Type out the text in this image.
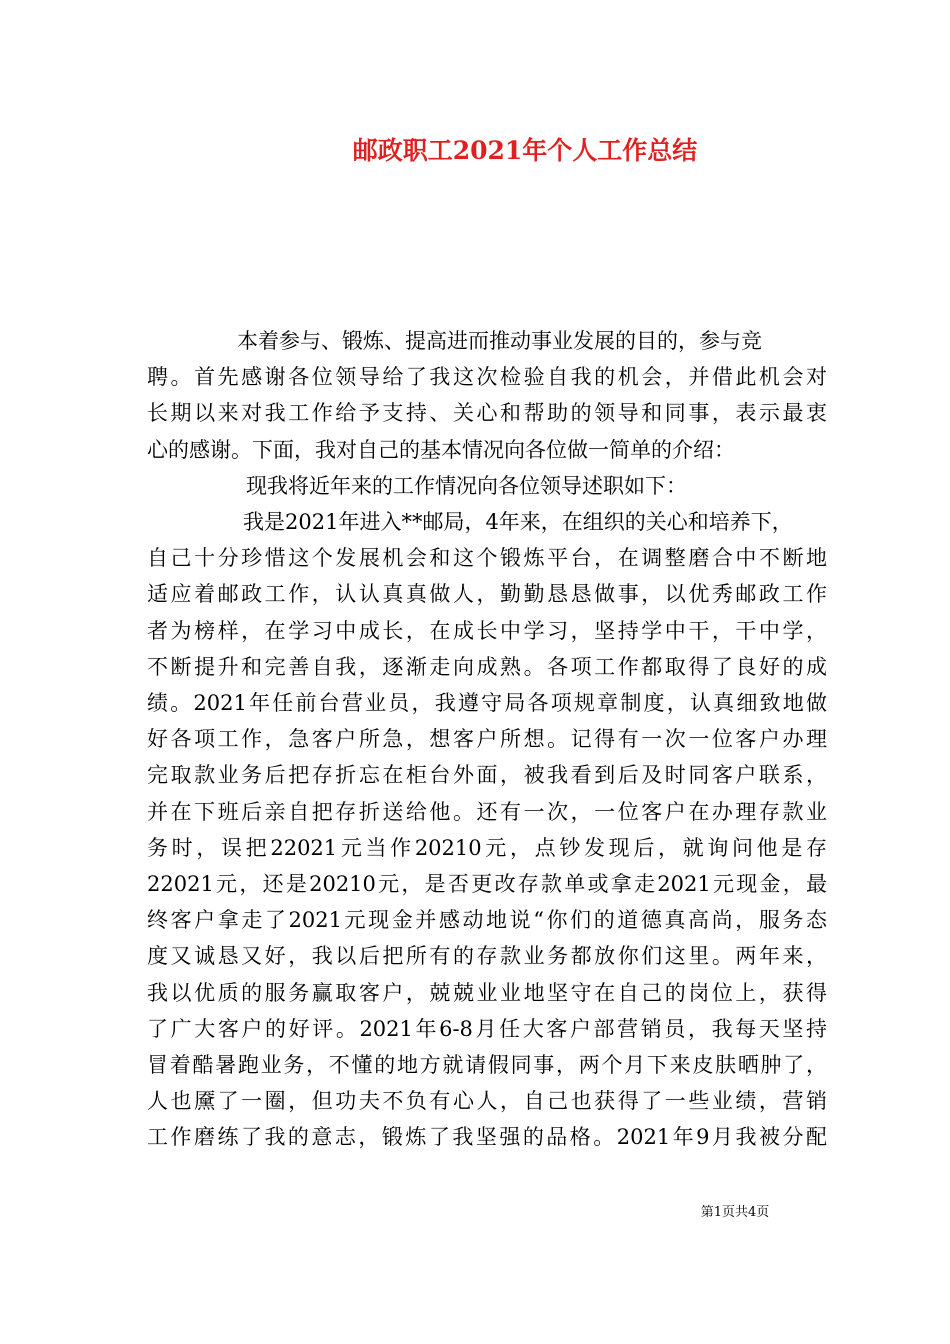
邮政职工2021年个人工作总结
本着参与、锻炼、提高进而推动事业发展的目的，参与竞
聘。首先感谢各位领导给了我这次检验自我的机会，并借此机会对
长期以来对我工作给予支持、关心和帮助的领导和同事，表示最衷
心的感谢。下面，我对自己的基本情况向各位做一简单的介绍：
现我将近年来的工作情况向各位领导述职如下：
我是2021年进入**邮局，4年来，在组织的关心和培养下，
自己十分珍惜这个发展机会和这个锻炼平台，在调整磨合中不断地
适应着邮政工作，认认真真做人，勤勤恳恳做事，以优秀邮政工作
者为榜样，在学习中成长，在成长中学习，坚持学中干，干中学，
不断提升和完善自我，逐渐走向成熟。各项工作都取得了良好的成
绩。2021年任前台营业员，我遵守局各项规章制度，认真细致地做
好各项工作，急客户所急，想客户所想。记得有一次一位客户办理
完取款业务后把存折忘在柜台外面，被我看到后及时同客户联系，
并在下班后亲自把存折送给他。还有一次，一位客户在办理存款业
务时，误把22021元当作20210元，点钞发现后，就询问他是存
22021元，还是20210元，是否更改存款单或拿走2021元现金，最
终客户拿走了2021元现金并感动地说“你们的道德真高尚，服务态
度又诚恳又好，我以后把所有的存款业务都放你们这里。两年来，
我以优质的服务赢取客户，兢兢业业地坚守在自己的岗位上，获得
了广大客户的好评。2021年6-8月任大客户部营销员，我每天坚持
冒着酷暑跑业务，不懂的地方就请假同事，两个月下来皮肤晒肿了，
人也黡了一圈，但功夫不负有心人，自己也获得了一些业绩，营销
工作磨练了我的意志，锻炼了我坚强的品格。2021年9月我被分配
第1页共4页
